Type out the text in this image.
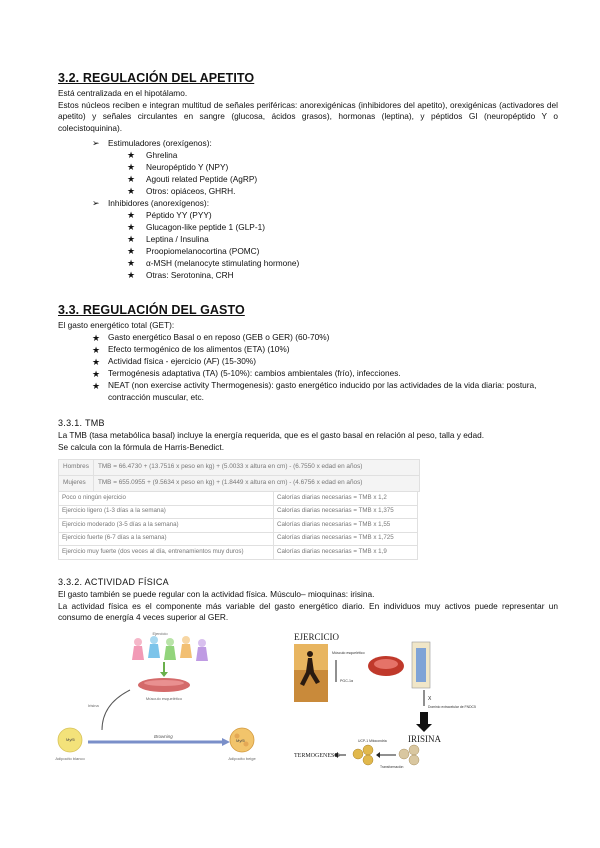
3.2. REGULACIÓN DEL APETITO

Está centralizada en el hipotálamo.

Estos núcleos reciben e integran multitud de señales periféricas: anorexigénicas (inhibidores del apetito), orexigénicas (activadores del apetito) y señales circulantes en sangre (glucosa, ácidos grasos), hormonas (leptina), y péptidos GI (neuropéptido Y o colecistoquinina).

➢ Estimuladores (orexígenos):
★ Ghrelina
★ Neuropéptido Y (NPY)
★ Agouti related Peptide (AgRP)
★ Otros: opiáceos, GHRH.
➢ Inhibidores (anorexígenos):
★ Péptido YY (PYY)
★ Glucagon-like peptide 1 (GLP-1)
★ Leptina / Insulina
★ Proopiomelanocortina (POMC)
★ α-MSH (melanocyte stimulating hormone)
★ Otras: Serotonina, CRH
3.3. REGULACIÓN DEL GASTO
El gasto energético total (GET):
★ Gasto energético Basal o en reposo (GEB o GER) (60-70%)
★ Efecto termogénico de los alimentos (ETA) (10%)
★ Actividad física - ejercicio (AF) (15-30%)
★ Termogénesis adaptativa (TA) (5-10%): cambios ambientales (frío), infecciones.
★ NEAT (non exercise activity Thermogenesis): gasto energético inducido por las actividades de la vida diaria: postura, contracción muscular, etc.
3.3.1. TMB

La TMB (tasa metabólica basal) incluye la energía requerida, que es el gasto basal en relación al peso, talla y edad.

Se calcula con la fórmula de Harris-Benedict.

Hombres	TMB = 66.4730 + (13.7516 x peso en kg) + (5.0033 x altura en cm) - (6.7550 x edad en años)
Mujeres	TMB = 655.0955 + (9.5634 x peso en kg) + (1.8449 x altura en cm) - (4.6756 x edad en años)
Poco o ningún ejercicio	Calorías diarias necesarias = TMB x 1,2
Ejercicio ligero (1-3 días a la semana)	Calorías diarias necesarias = TMB x 1,375
Ejercicio moderado (3-5 días a la semana)	Calorías diarias necesarias = TMB x 1,55
Ejercicio fuerte (6-7 días a la semana)	Calorías diarias necesarias = TMB x 1,725
Ejercicio muy fuerte (dos veces al día, entrenamientos muy duros)	Calorías diarias necesarias = TMB x 1,9
3.3.2. ACTIVIDAD FÍSICA

El gasto también se puede regular con la actividad física. Músculo– mioquinas: irisina.

La actividad física es el componente más variable del gasto energético diario. En individuos muy activos puede representar un consumo de energía 4 veces superior al GER.

Ejercicio
Músculo esquelético
Irisina
Myf5
Adipocito blanco
Browning
Myf5
Adipocito beige
EJERCICIO
Músculo esquelético
PGC-1α
X
Dominio extracelular de FNDC5
IRISINA
TERMOGENESIS
UCP-1 Mitocondria
Transformación
